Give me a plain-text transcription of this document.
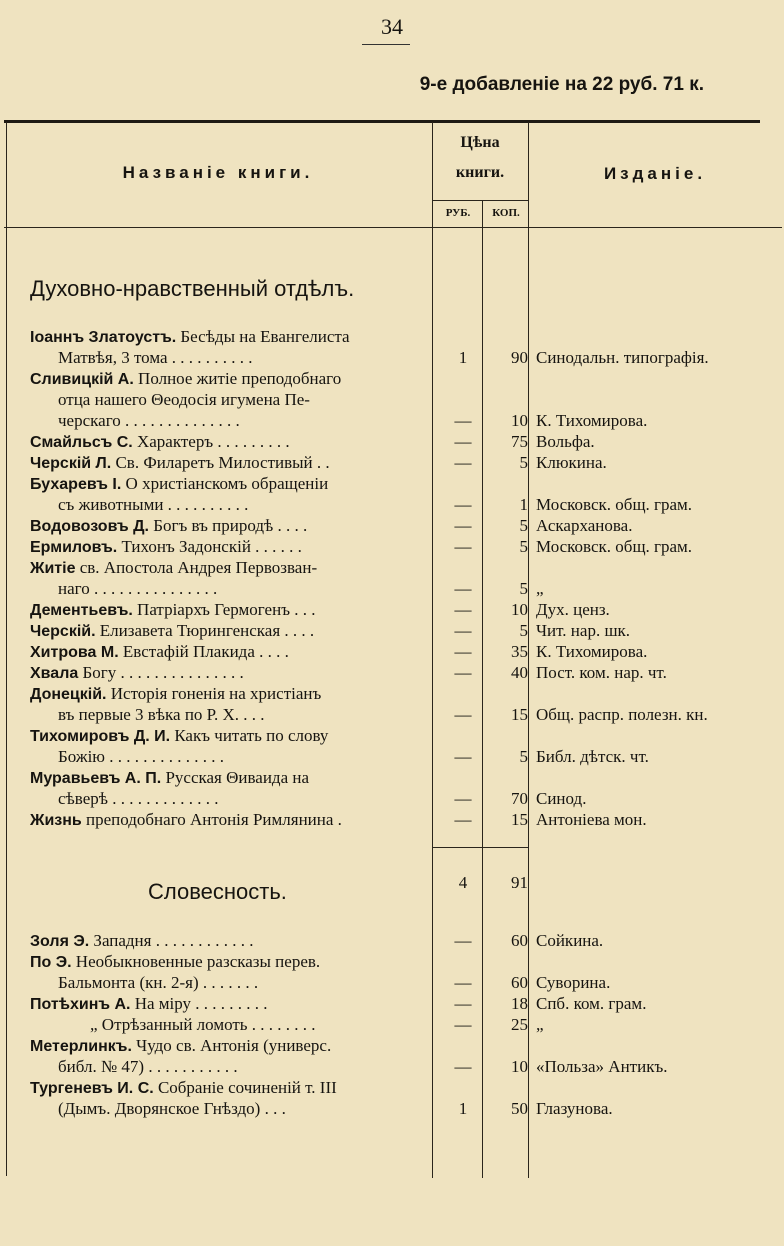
34
9-е добавленіе на 22 руб. 71 к.
Названіе книги.
Цѣна
книги.	Изданіе.
РУБ.	КОП.
Духовно-нравственный отдѣлъ.
Іоаннъ Златоустъ. Бесѣды на Евангелиста
Матвѣя, 3 тома . . . . . . . . . .	1	90 Синодальн. типографія.
Сливицкій А. Полное житіе преподобнаго
отца нашего Θеодосія игумена Пе-
черскаго . . . . . . . . . . . . . .	—	10 К. Тихомирова.
Смайльсъ С. Характеръ . . . . . . . . .	—	75 Вольфа.
Черскій Л. Св. Филаретъ Милостивый . .	—	5 Клюкина.
Бухаревъ І. О христіанскомъ обращеніи
съ животными . . . . . . . . . .	—	1 Московск. общ. грам.
Водовозовъ Д. Богъ въ природѣ . . . .	—	5 Аскарханова.
Ермиловъ. Тихонъ Задонскій . . . . . .	—	5 Московск. общ. грам.
Житіе св. Апостола Андрея Первозван-
наго . . . . . . . . . . . . . . .	—	5 „
Дементьевъ. Патріархъ Гермогенъ . . .	—	10 Дух. ценз.
Черскій. Елизавета Тюрингенская . . . .	—	5 Чит. нар. шк.
Хитрова М. Евстафій Плакида . . . .	—	35 К. Тихомирова.
Хвала Богу . . . . . . . . . . . . . . .	—	40 Пост. ком. нар. чт.
Донецкій. Исторія гоненія на христіанъ
въ первые 3 вѣка по Р. Х. . . .	—	15 Общ. распр. полезн. кн.
Тихомировъ Д. И. Какъ читать по слову
Божію . . . . . . . . . . . . . .	—	5 Библ. дѣтск. чт.
Муравьевъ А. П. Русская Θиваида на
сѣверѣ . . . . . . . . . . . . .	—	70 Синод.
Жизнь преподобнаго Антонія Римлянина .	—	15 Антоніева мон.
4	91
Словесность.
Золя Э. Западня . . . . . . . . . . . .	—	60 Сойкина.
По Э. Необыкновенные разсказы перев.
Бальмонта (кн. 2-я) . . . . . . .	—	60 Суворина.
Потѣхинъ А. На міру . . . . . . . . .	—	18 Спб. ком. грам.
„ Отрѣзанный ломоть . . . . . . . .	—	25 „
Метерлинкъ. Чудо св. Антонія (универс.
библ. № 47) . . . . . . . . . . .	—	10 «Польза» Антикъ.
Тургеневъ И. С. Собраніе сочиненій т. III
(Дымъ. Дворянское Гнѣздо) . . .	1	50 Глазунова.
